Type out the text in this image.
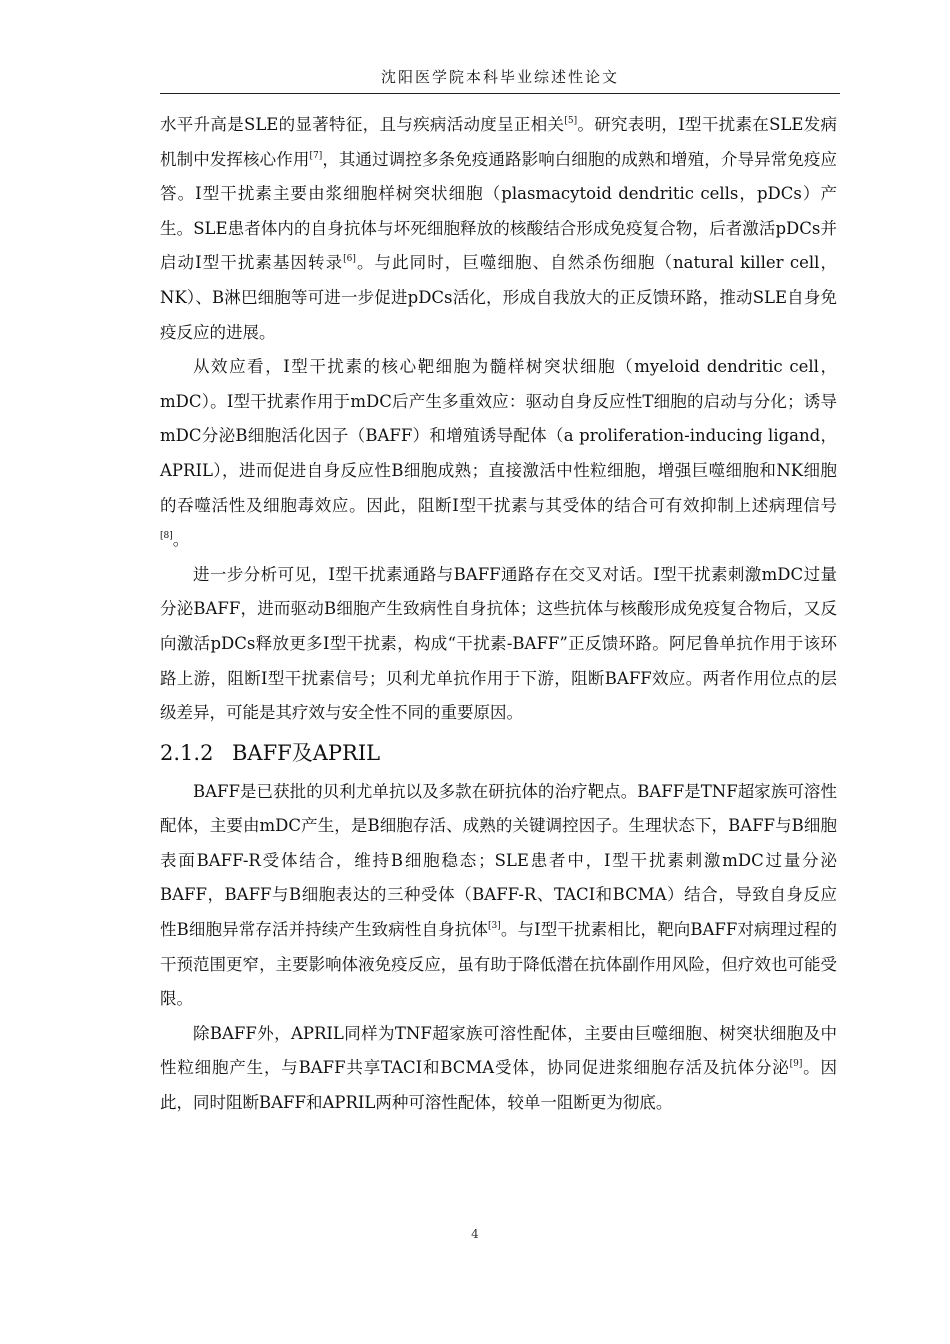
沈阳医学院本科毕业综述性论文

水平升高是SLE的显著特征，且与疾病活动度呈正相关[5]。研究表明，I型干扰素在SLE发病机制中发挥核心作用[7]，其通过调控多条免疫通路影响白细胞的成熟和增殖，介导异常免疫应答。I型干扰素主要由浆细胞样树突状细胞（plasmacytoid dendritic cells，pDCs）产生。SLE患者体内的自身抗体与坏死细胞释放的核酸结合形成免疫复合物，后者激活pDCs并启动I型干扰素基因转录[6]。与此同时，巨噬细胞、自然杀伤细胞（natural killer cell，NK）、B淋巴细胞等可进一步促进pDCs活化，形成自我放大的正反馈环路，推动SLE自身免疫反应的进展。

从效应看，I型干扰素的核心靶细胞为髓样树突状细胞（myeloid dendritic cell，mDC）。I型干扰素作用于mDC后产生多重效应：驱动自身反应性T细胞的启动与分化；诱导mDC分泌B细胞活化因子（BAFF）和增殖诱导配体（a proliferation-inducing ligand，APRIL），进而促进自身反应性B细胞成熟；直接激活中性粒细胞，增强巨噬细胞和NK细胞的吞噬活性及细胞毒效应。因此，阻断I型干扰素与其受体的结合可有效抑制上述病理信号[8]。

进一步分析可见，I型干扰素通路与BAFF通路存在交叉对话。I型干扰素刺激mDC过量分泌BAFF，进而驱动B细胞产生致病性自身抗体；这些抗体与核酸形成免疫复合物后，又反向激活pDCs释放更多I型干扰素，构成“干扰素-BAFF”正反馈环路。阿尼鲁单抗作用于该环路上游，阻断I型干扰素信号；贝利尤单抗作用于下游，阻断BAFF效应。两者作用位点的层级差异，可能是其疗效与安全性不同的重要原因。

2.1.2 BAFF及APRIL

BAFF是已获批的贝利尤单抗以及多款在研抗体的治疗靶点。BAFF是TNF超家族可溶性配体，主要由mDC产生，是B细胞存活、成熟的关键调控因子。生理状态下，BAFF与B细胞表面BAFF-R受体结合，维持B细胞稳态；SLE患者中，I型干扰素刺激mDC过量分泌BAFF，BAFF与B细胞表达的三种受体（BAFF-R、TACI和BCMA）结合，导致自身反应性B细胞异常存活并持续产生致病性自身抗体[3]。与I型干扰素相比，靶向BAFF对病理过程的干预范围更窄，主要影响体液免疫反应，虽有助于降低潜在抗体副作用风险，但疗效也可能受限。

除BAFF外，APRIL同样为TNF超家族可溶性配体，主要由巨噬细胞、树突状细胞及中性粒细胞产生，与BAFF共享TACI和BCMA受体，协同促进浆细胞存活及抗体分泌[9]。因此，同时阻断BAFF和APRIL两种可溶性配体，较单一阻断更为彻底。

4
